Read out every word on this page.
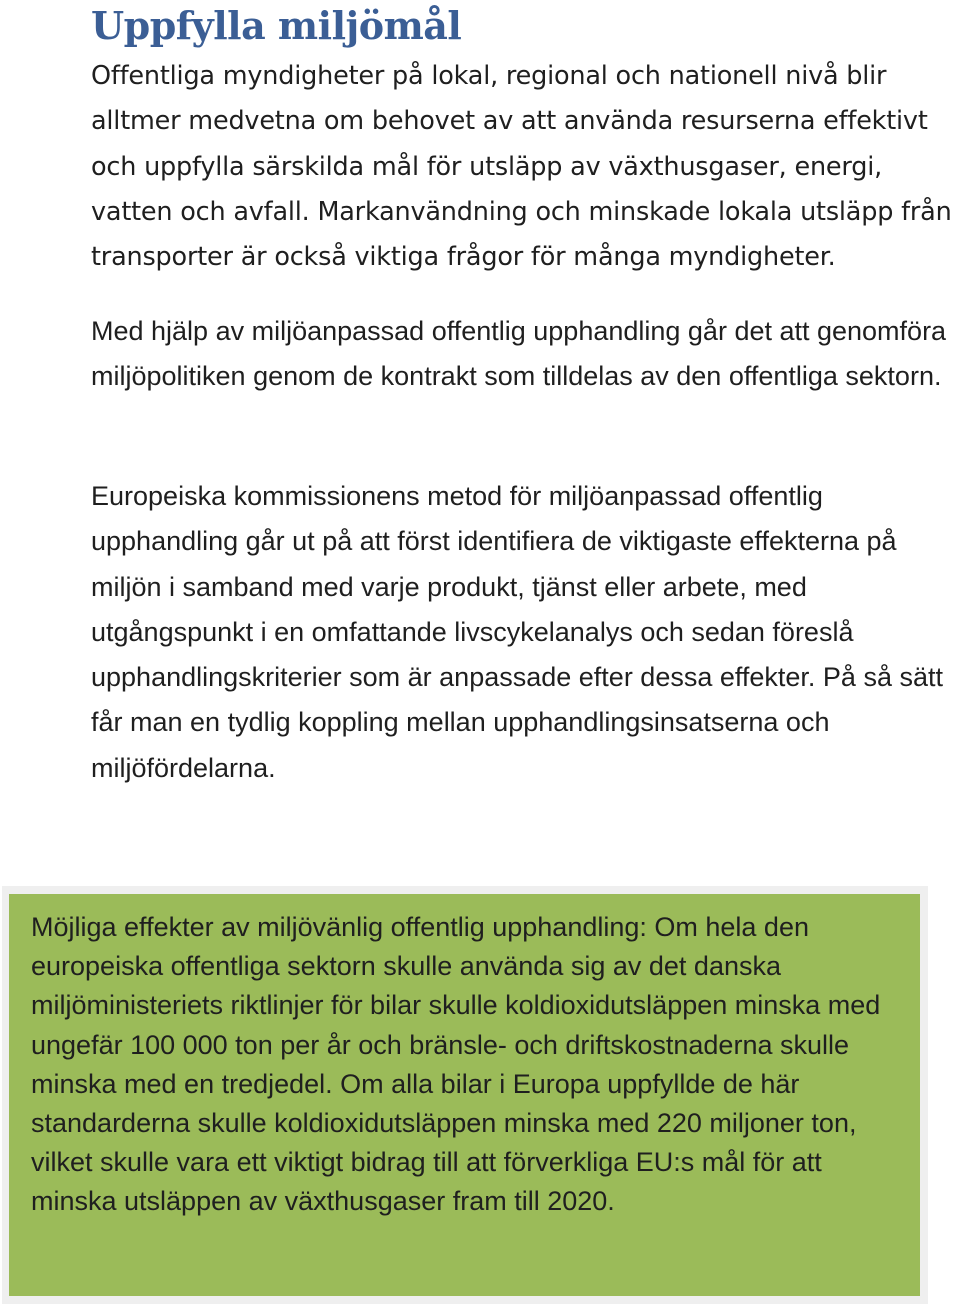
Uppfylla miljömål

Offentliga myndigheter på lokal, regional och nationell nivå blir alltmer medvetna om behovet av att använda resurserna effektivt och uppfylla särskilda mål för utsläpp av växthusgaser, energi, vatten och avfall. Markanvändning och minskade lokala utsläpp från transporter är också viktiga frågor för många myndigheter.

Med hjälp av miljöanpassad offentlig upphandling går det att genomföra miljöpolitiken genom de kontrakt som tilldelas av den offentliga sektorn.

Europeiska kommissionens metod för miljöanpassad offentlig upphandling går ut på att först identifiera de viktigaste effekterna på miljön i samband med varje produkt, tjänst eller arbete, med utgångspunkt i en omfattande livscykelanalys och sedan föreslå upphandlingskriterier som är anpassade efter dessa effekter. På så sätt får man en tydlig koppling mellan upphandlingsinsatserna och miljöfördelarna.

Möjliga effekter av miljövänlig offentlig upphandling: Om hela den europeiska offentliga sektorn skulle använda sig av det danska miljöministeriets riktlinjer för bilar skulle koldioxidutsläppen minska med ungefär 100 000 ton per år och bränsle- och driftskostnaderna skulle minska med en tredjedel. Om alla bilar i Europa uppfyllde de här standarderna skulle koldioxidutsläppen minska med 220 miljoner ton, vilket skulle vara ett viktigt bidrag till att förverkliga EU:s mål för att minska utsläppen av växthusgaser fram till 2020.
